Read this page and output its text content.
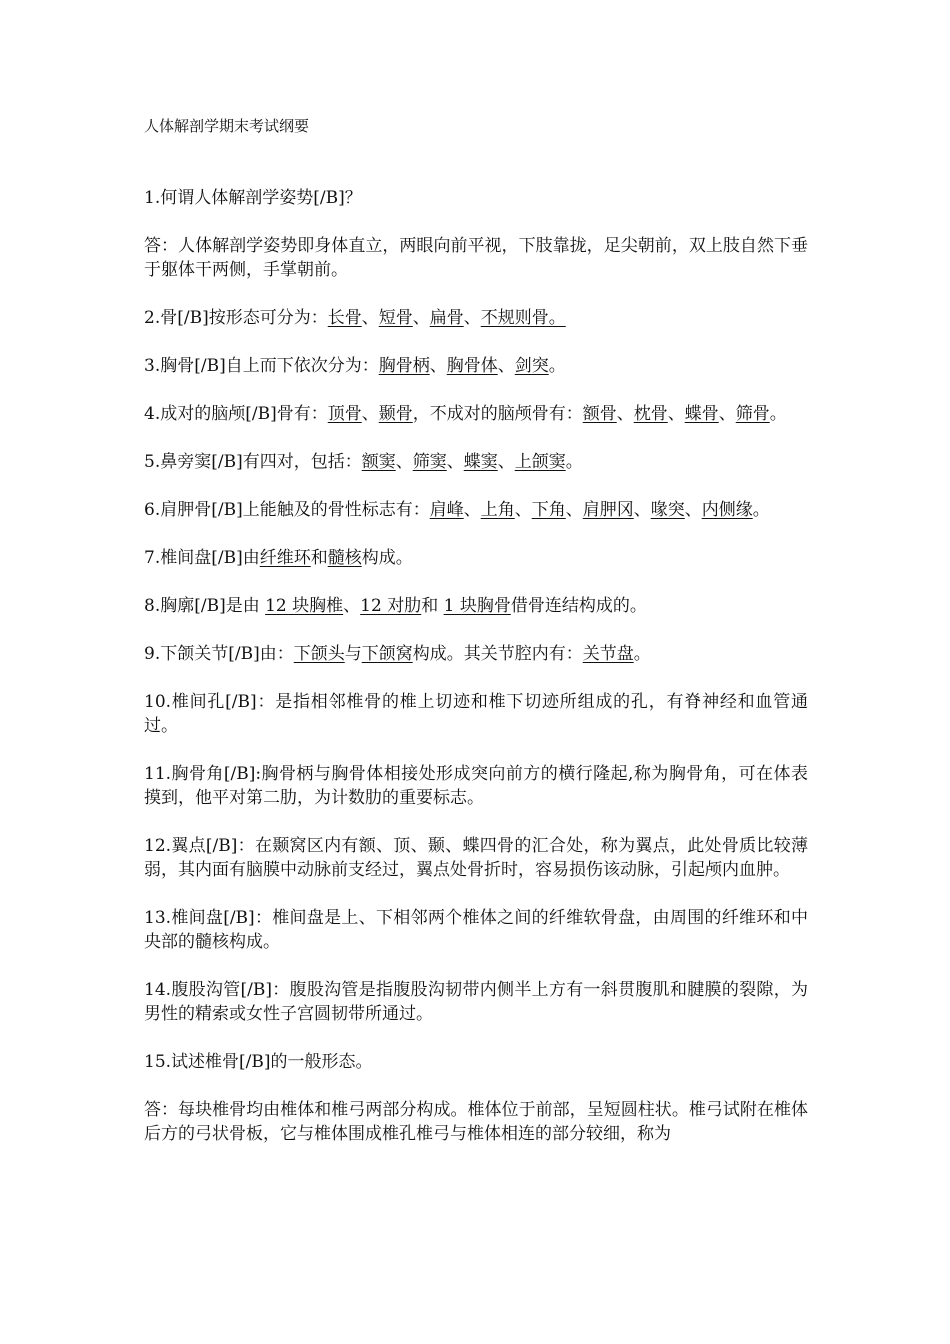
人体解剖学期末考试纲要
1.何谓人体解剖学姿势[/B]？
答：人体解剖学姿势即身体直立，两眼向前平视，下肢靠拢，足尖朝前，双上肢自然下垂于躯体干两侧，手掌朝前。
2.骨[/B]按形态可分为：长骨、短骨、扁骨、不规则骨。
3.胸骨[/B]自上而下依次分为：胸骨柄、胸骨体、剑突。
4.成对的脑颅[/B]骨有：顶骨、颞骨，不成对的脑颅骨有：额骨、枕骨、蝶骨、筛骨。
5.鼻旁窦[/B]有四对，包括：额窦、筛窦、蝶窦、上颌窦。
6.肩胛骨[/B]上能触及的骨性标志有：肩峰、上角、下角、肩胛冈、喙突、内侧缘。
7.椎间盘[/B]由纤维环和髓核构成。
8.胸廓[/B]是由 12 块胸椎、12 对肋和 1 块胸骨借骨连结构成的。
9.下颌关节[/B]由：下颌头与下颌窝构成。其关节腔内有：关节盘。
10.椎间孔[/B]：是指相邻椎骨的椎上切迹和椎下切迹所组成的孔，有脊神经和血管通过。
11.胸骨角[/B]:胸骨柄与胸骨体相接处形成突向前方的横行隆起,称为胸骨角，可在体表摸到，他平对第二肋，为计数肋的重要标志。
12.翼点[/B]：在颞窝区内有额、顶、颞、蝶四骨的汇合处，称为翼点，此处骨质比较薄弱，其内面有脑膜中动脉前支经过，翼点处骨折时，容易损伤该动脉，引起颅内血肿。
13.椎间盘[/B]：椎间盘是上、下相邻两个椎体之间的纤维软骨盘，由周围的纤维环和中央部的髓核构成。
14.腹股沟管[/B]：腹股沟管是指腹股沟韧带内侧半上方有一斜贯腹肌和腱膜的裂隙，为男性的精索或女性子宫圆韧带所通过。
15.试述椎骨[/B]的一般形态。
答：每块椎骨均由椎体和椎弓两部分构成。椎体位于前部，呈短圆柱状。椎弓试附在椎体后方的弓状骨板，它与椎体围成椎孔椎弓与椎体相连的部分较细，称为
